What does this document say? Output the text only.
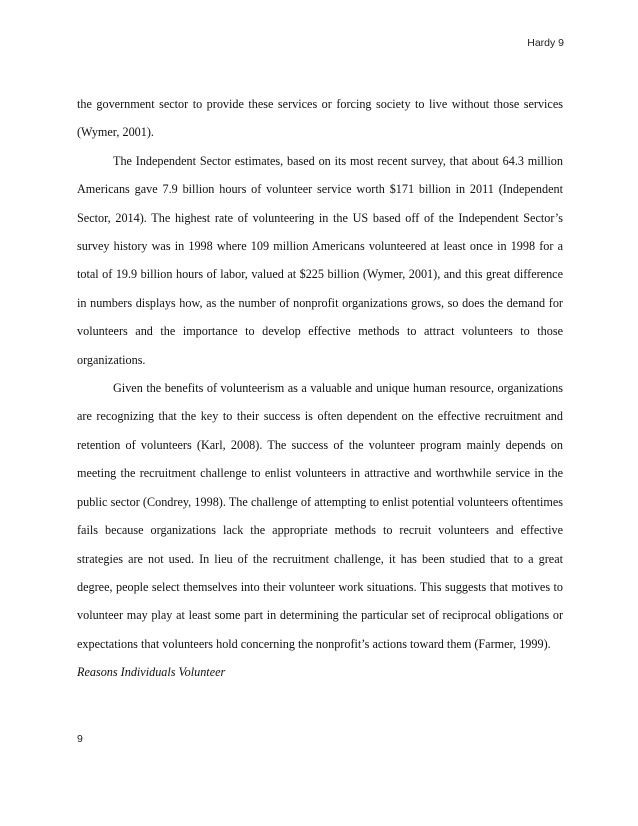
Hardy 9

the government sector to provide these services or forcing society to live without those services (Wymer, 2001).

The Independent Sector estimates, based on its most recent survey, that about 64.3 million Americans gave 7.9 billion hours of volunteer service worth $171 billion in 2011 (Independent Sector, 2014). The highest rate of volunteering in the US based off of the Independent Sector’s survey history was in 1998 where 109 million Americans volunteered at least once in 1998 for a total of 19.9 billion hours of labor, valued at $225 billion (Wymer, 2001), and this great difference in numbers displays how, as the number of nonprofit organizations grows, so does the demand for volunteers and the importance to develop effective methods to attract volunteers to those organizations.

Given the benefits of volunteerism as a valuable and unique human resource, organizations are recognizing that the key to their success is often dependent on the effective recruitment and retention of volunteers (Karl, 2008). The success of the volunteer program mainly depends on meeting the recruitment challenge to enlist volunteers in attractive and worthwhile service in the public sector (Condrey, 1998). The challenge of attempting to enlist potential volunteers oftentimes fails because organizations lack the appropriate methods to recruit volunteers and effective strategies are not used. In lieu of the recruitment challenge, it has been studied that to a great degree, people select themselves into their volunteer work situations. This suggests that motives to volunteer may play at least some part in determining the particular set of reciprocal obligations or expectations that volunteers hold concerning the nonprofit’s actions toward them (Farmer, 1999).

Reasons Individuals Volunteer

9
